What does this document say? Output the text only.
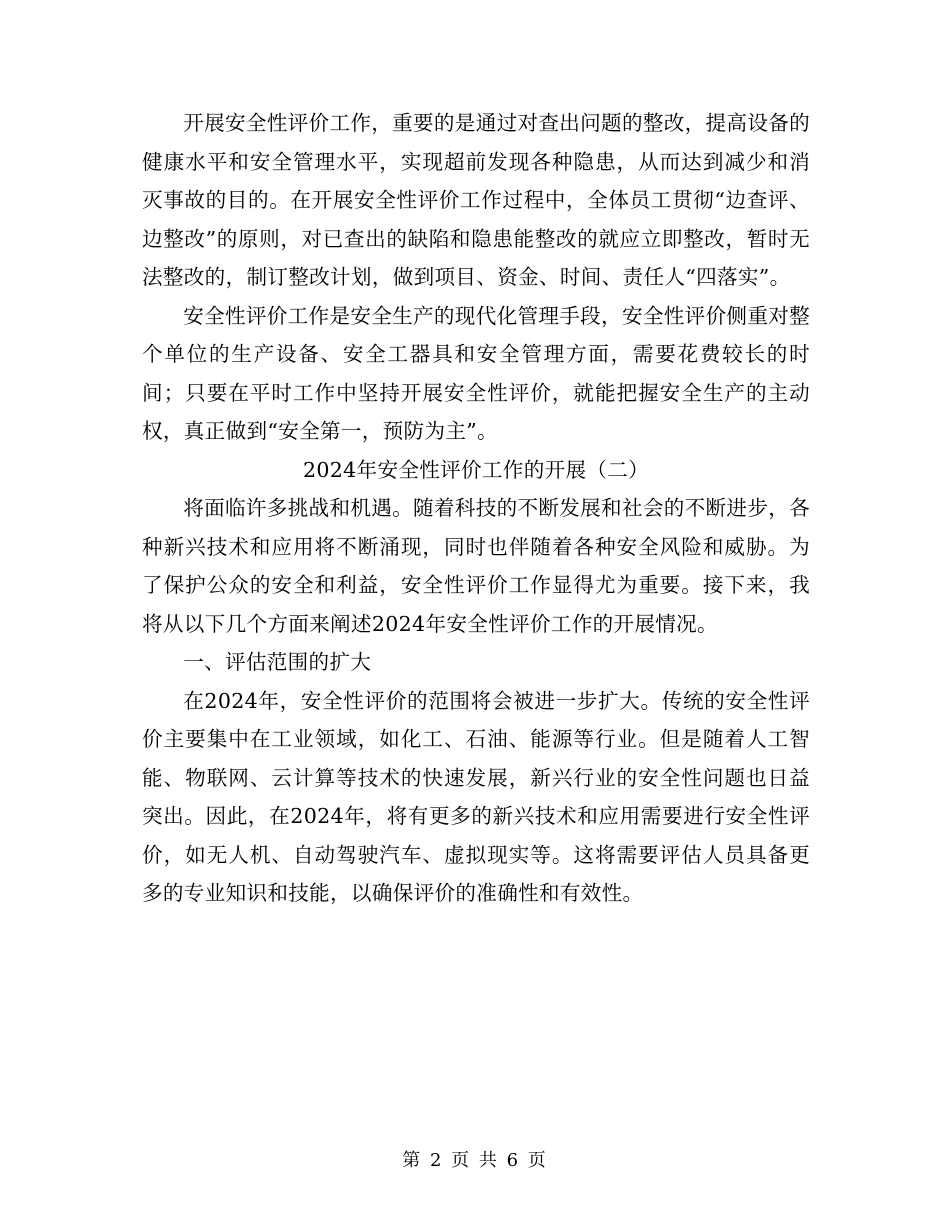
开展安全性评价工作，重要的是通过对查出问题的整改，提高设备的健康水平和安全管理水平，实现超前发现各种隐患，从而达到减少和消灭事故的目的。在开展安全性评价工作过程中，全体员工贯彻“边查评、边整改”的原则，对已查出的缺陷和隐患能整改的就应立即整改，暂时无法整改的，制订整改计划，做到项目、资金、时间、责任人“四落实”。

安全性评价工作是安全生产的现代化管理手段，安全性评价侧重对整个单位的生产设备、安全工器具和安全管理方面，需要花费较长的时间；只要在平时工作中坚持开展安全性评价，就能把握安全生产的主动权，真正做到“安全第一，预防为主”。

2024年安全性评价工作的开展（二）

将面临许多挑战和机遇。随着科技的不断发展和社会的不断进步，各种新兴技术和应用将不断涌现，同时也伴随着各种安全风险和威胁。为了保护公众的安全和利益，安全性评价工作显得尤为重要。接下来，我将从以下几个方面来阐述2024年安全性评价工作的开展情况。

一、评估范围的扩大

在2024年，安全性评价的范围将会被进一步扩大。传统的安全性评价主要集中在工业领域，如化工、石油、能源等行业。但是随着人工智能、物联网、云计算等技术的快速发展，新兴行业的安全性问题也日益突出。因此，在2024年，将有更多的新兴技术和应用需要进行安全性评价，如无人机、自动驾驶汽车、虚拟现实等。这将需要评估人员具备更多的专业知识和技能，以确保评价的准确性和有效性。

第 2 页 共 6 页
